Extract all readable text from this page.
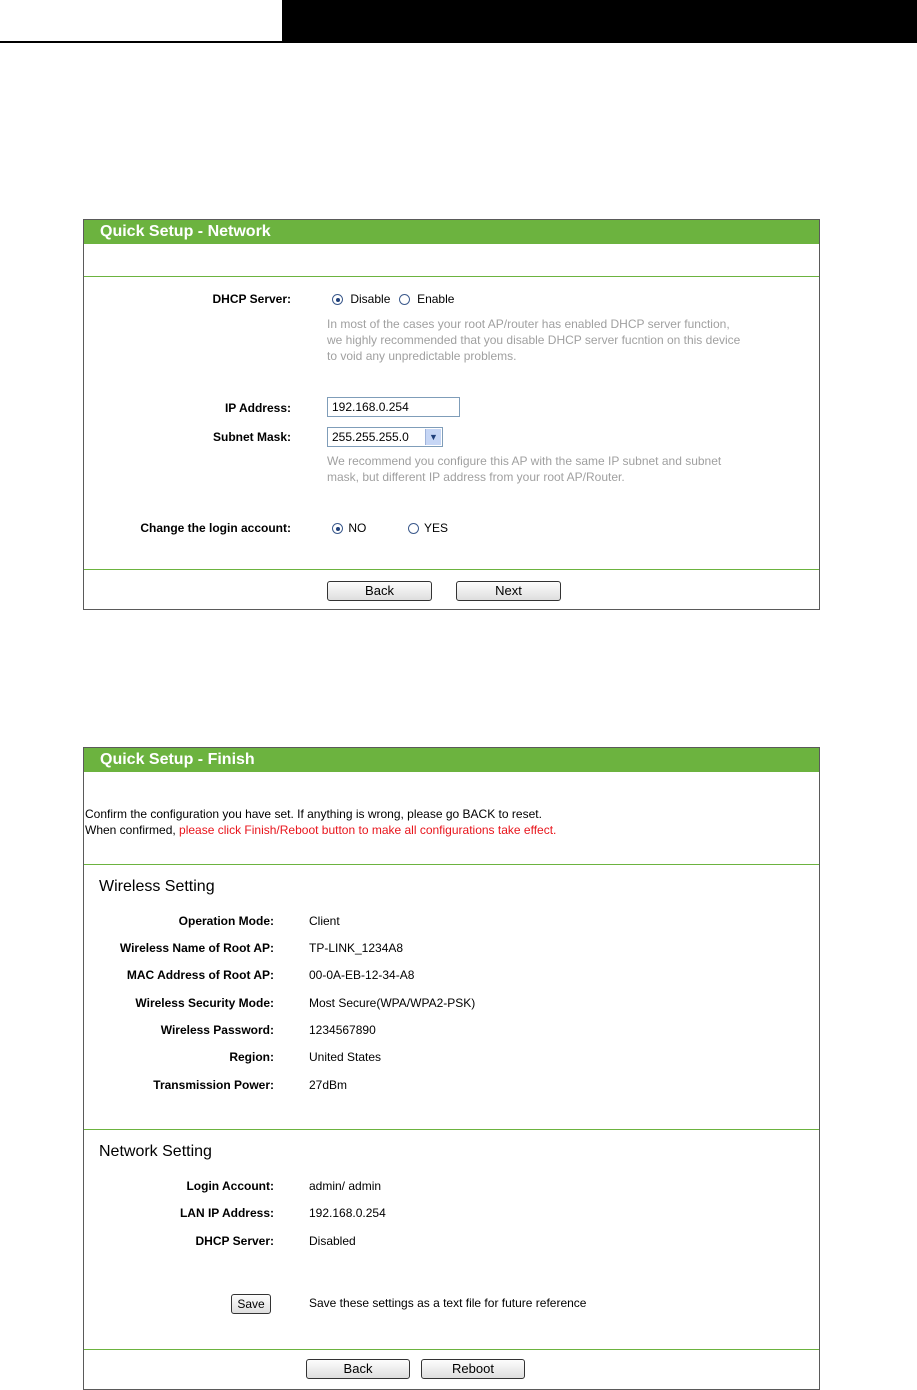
Quick Setup - Network
DHCP Server:	Disable Enable
In most of the cases your root AP/router has enabled DHCP server function,
we highly recommended that you disable DHCP server fucntion on this device
to void any unpredictable problems.
IP Address:	192.168.0.254
Subnet Mask:	255.255.255.0	▼
We recommend you configure this AP with the same IP subnet and subnet
mask, but different IP address from your root AP/Router.
Change the login account:	NO	YES
Back	Next
Quick Setup - Finish
Confirm the configuration you have set. If anything is wrong, please go BACK to reset.
When confirmed, please click Finish/Reboot button to make all configurations take effect.
Wireless Setting
Operation Mode:	Client
Wireless Name of Root AP:	TP-LINK_1234A8
MAC Address of Root AP:	00-0A-EB-12-34-A8
Wireless Security Mode:	Most Secure(WPA/WPA2-PSK)
Wireless Password:	1234567890
Region:	United States
Transmission Power:	27dBm
Network Setting
Login Account:	admin/ admin
LAN IP Address:	192.168.0.254
DHCP Server:	Disabled
Save	Save these settings as a text file for future reference
Back	Reboot
